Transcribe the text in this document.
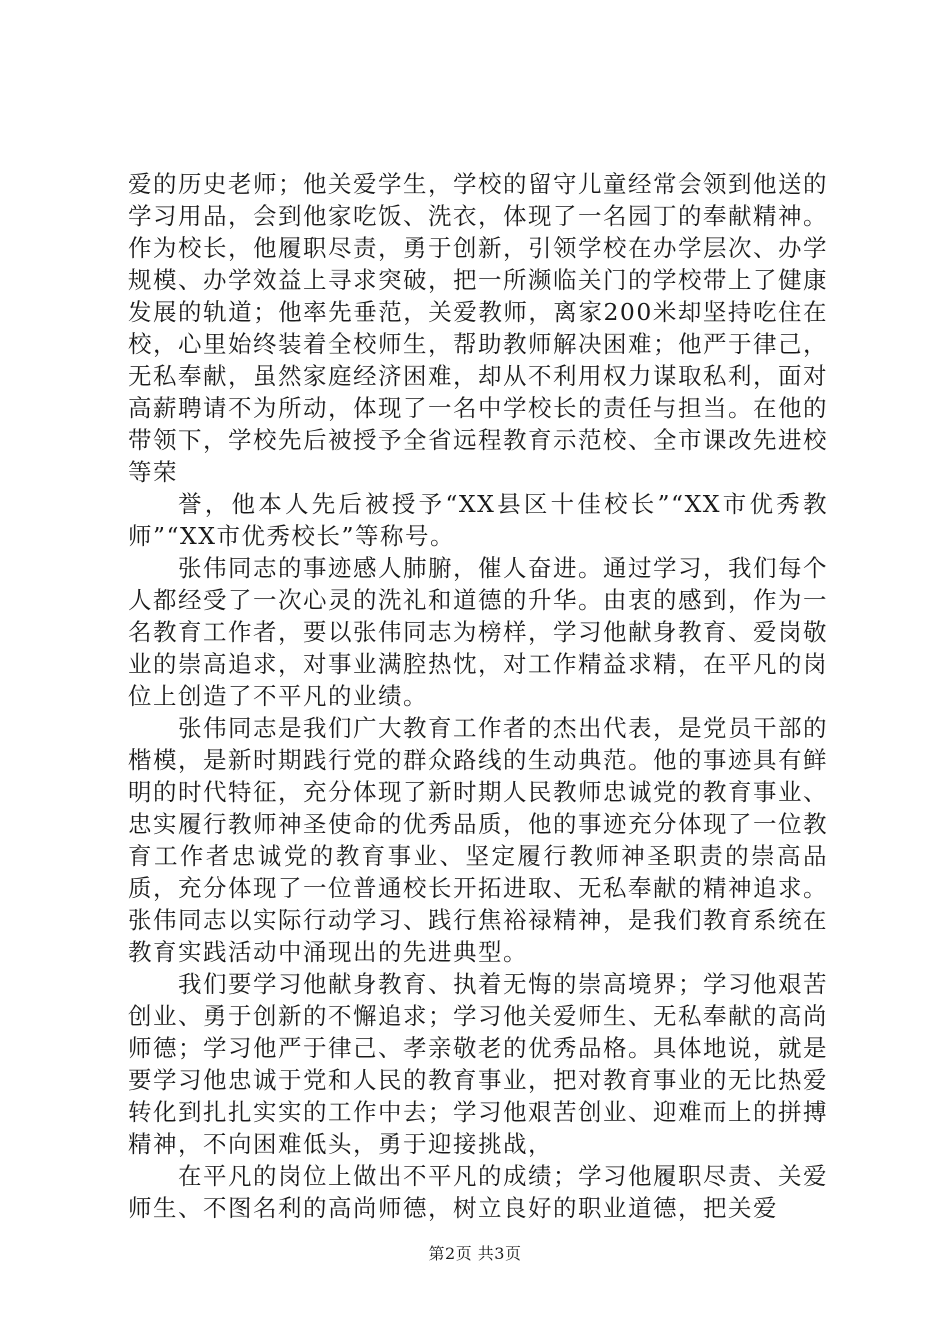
爱的历史老师；他关爱学生，学校的留守儿童经常会领到他送的学习用品，会到他家吃饭、洗衣，体现了一名园丁的奉献精神。作为校长，他履职尽责，勇于创新，引领学校在办学层次、办学规模、办学效益上寻求突破，把一所濒临关门的学校带上了健康发展的轨道；他率先垂范，关爱教师，离家200米却坚持吃住在校，心里始终装着全校师生，帮助教师解决困难；他严于律己，无私奉献，虽然家庭经济困难，却从不利用权力谋取私利，面对高薪聘请不为所动，体现了一名中学校长的责任与担当。在他的带领下，学校先后被授予全省远程教育示范校、全市课改先进校等荣

誉，他本人先后被授予“XX县区十佳校长”“XX市优秀教师”“XX市优秀校长”等称号。

张伟同志的事迹感人肺腑，催人奋进。通过学习，我们每个人都经受了一次心灵的洗礼和道德的升华。由衷的感到，作为一名教育工作者，要以张伟同志为榜样，学习他献身教育、爱岗敬业的崇高追求，对事业满腔热忱，对工作精益求精，在平凡的岗位上创造了不平凡的业绩。

张伟同志是我们广大教育工作者的杰出代表，是党员干部的楷模，是新时期践行党的群众路线的生动典范。他的事迹具有鲜明的时代特征，充分体现了新时期人民教师忠诚党的教育事业、忠实履行教师神圣使命的优秀品质，他的事迹充分体现了一位教育工作者忠诚党的教育事业、坚定履行教师神圣职责的崇高品质，充分体现了一位普通校长开拓进取、无私奉献的精神追求。张伟同志以实际行动学习、践行焦裕禄精神，是我们教育系统在教育实践活动中涌现出的先进典型。

我们要学习他献身教育、执着无悔的崇高境界；学习他艰苦创业、勇于创新的不懈追求；学习他关爱师生、无私奉献的高尚师德；学习他严于律己、孝亲敬老的优秀品格。具体地说，就是要学习他忠诚于党和人民的教育事业，把对教育事业的无比热爱转化到扎扎实实的工作中去；学习他艰苦创业、迎难而上的拼搏精神，不向困难低头，勇于迎接挑战，

在平凡的岗位上做出不平凡的成绩；学习他履职尽责、关爱师生、不图名利的高尚师德，树立良好的职业道德，把关爱

第2页 共3页
